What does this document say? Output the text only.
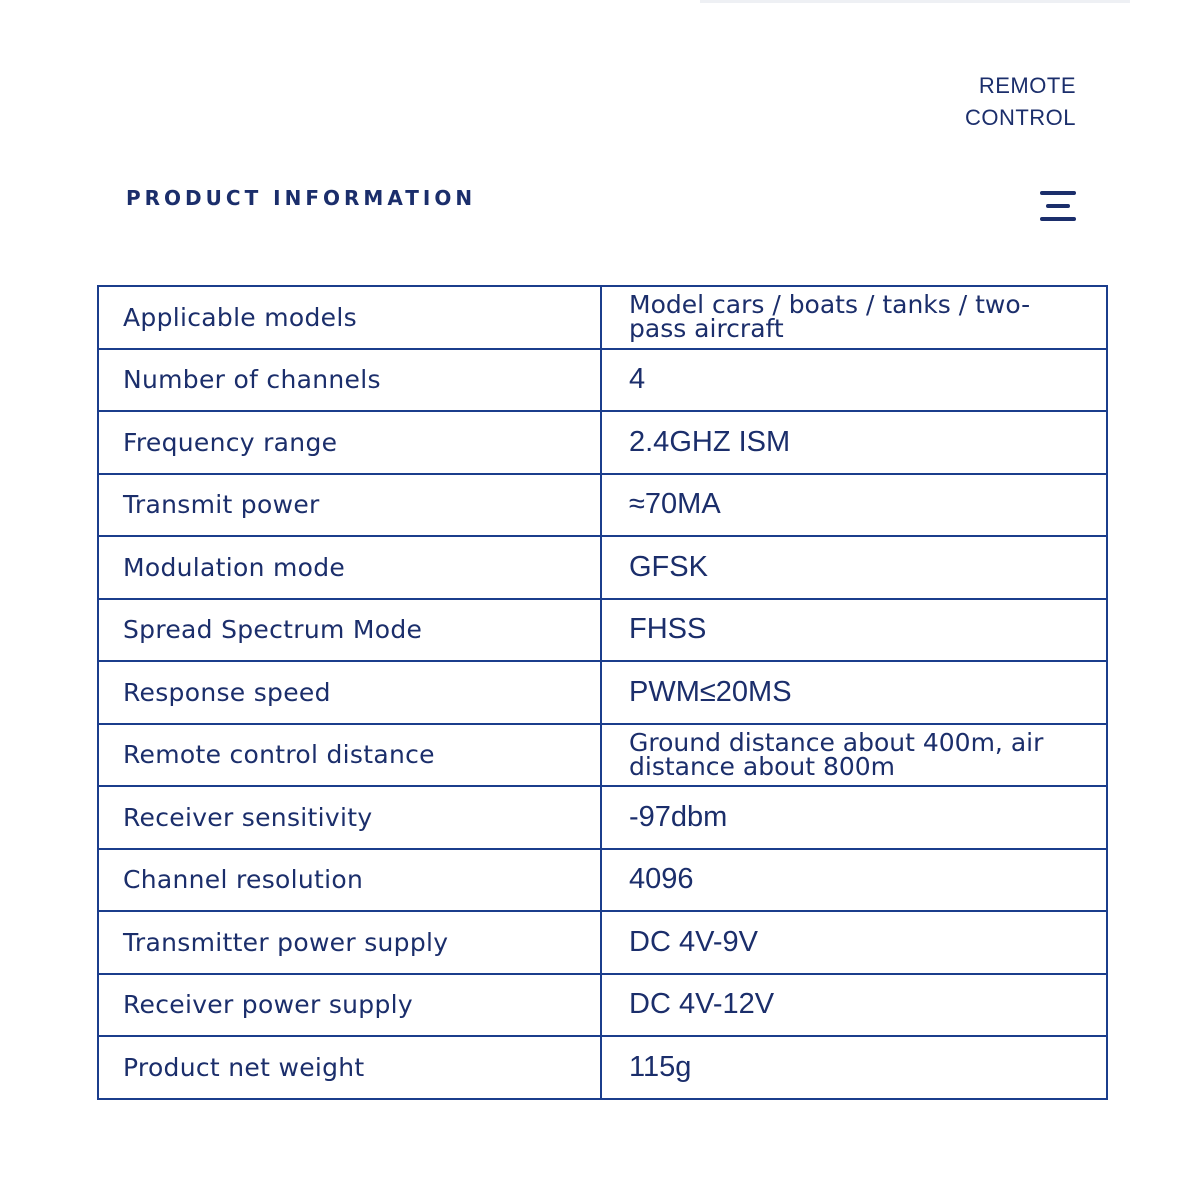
REMOTE
CONTROL
PRODUCT INFORMATION
Applicable models	Model cars / boats / tanks / two-pass aircraft
Number of channels	4
Frequency range	2.4GHZ ISM
Transmit power	≈70MA
Modulation mode	GFSK
Spread Spectrum Mode	FHSS
Response speed	PWM≤20MS
Remote control distance	Ground distance about 400m, air distance about 800m
Receiver sensitivity	-97dbm
Channel resolution	4096
Transmitter power supply	DC 4V-9V
Receiver power supply	DC 4V-12V
Product net weight	115g
